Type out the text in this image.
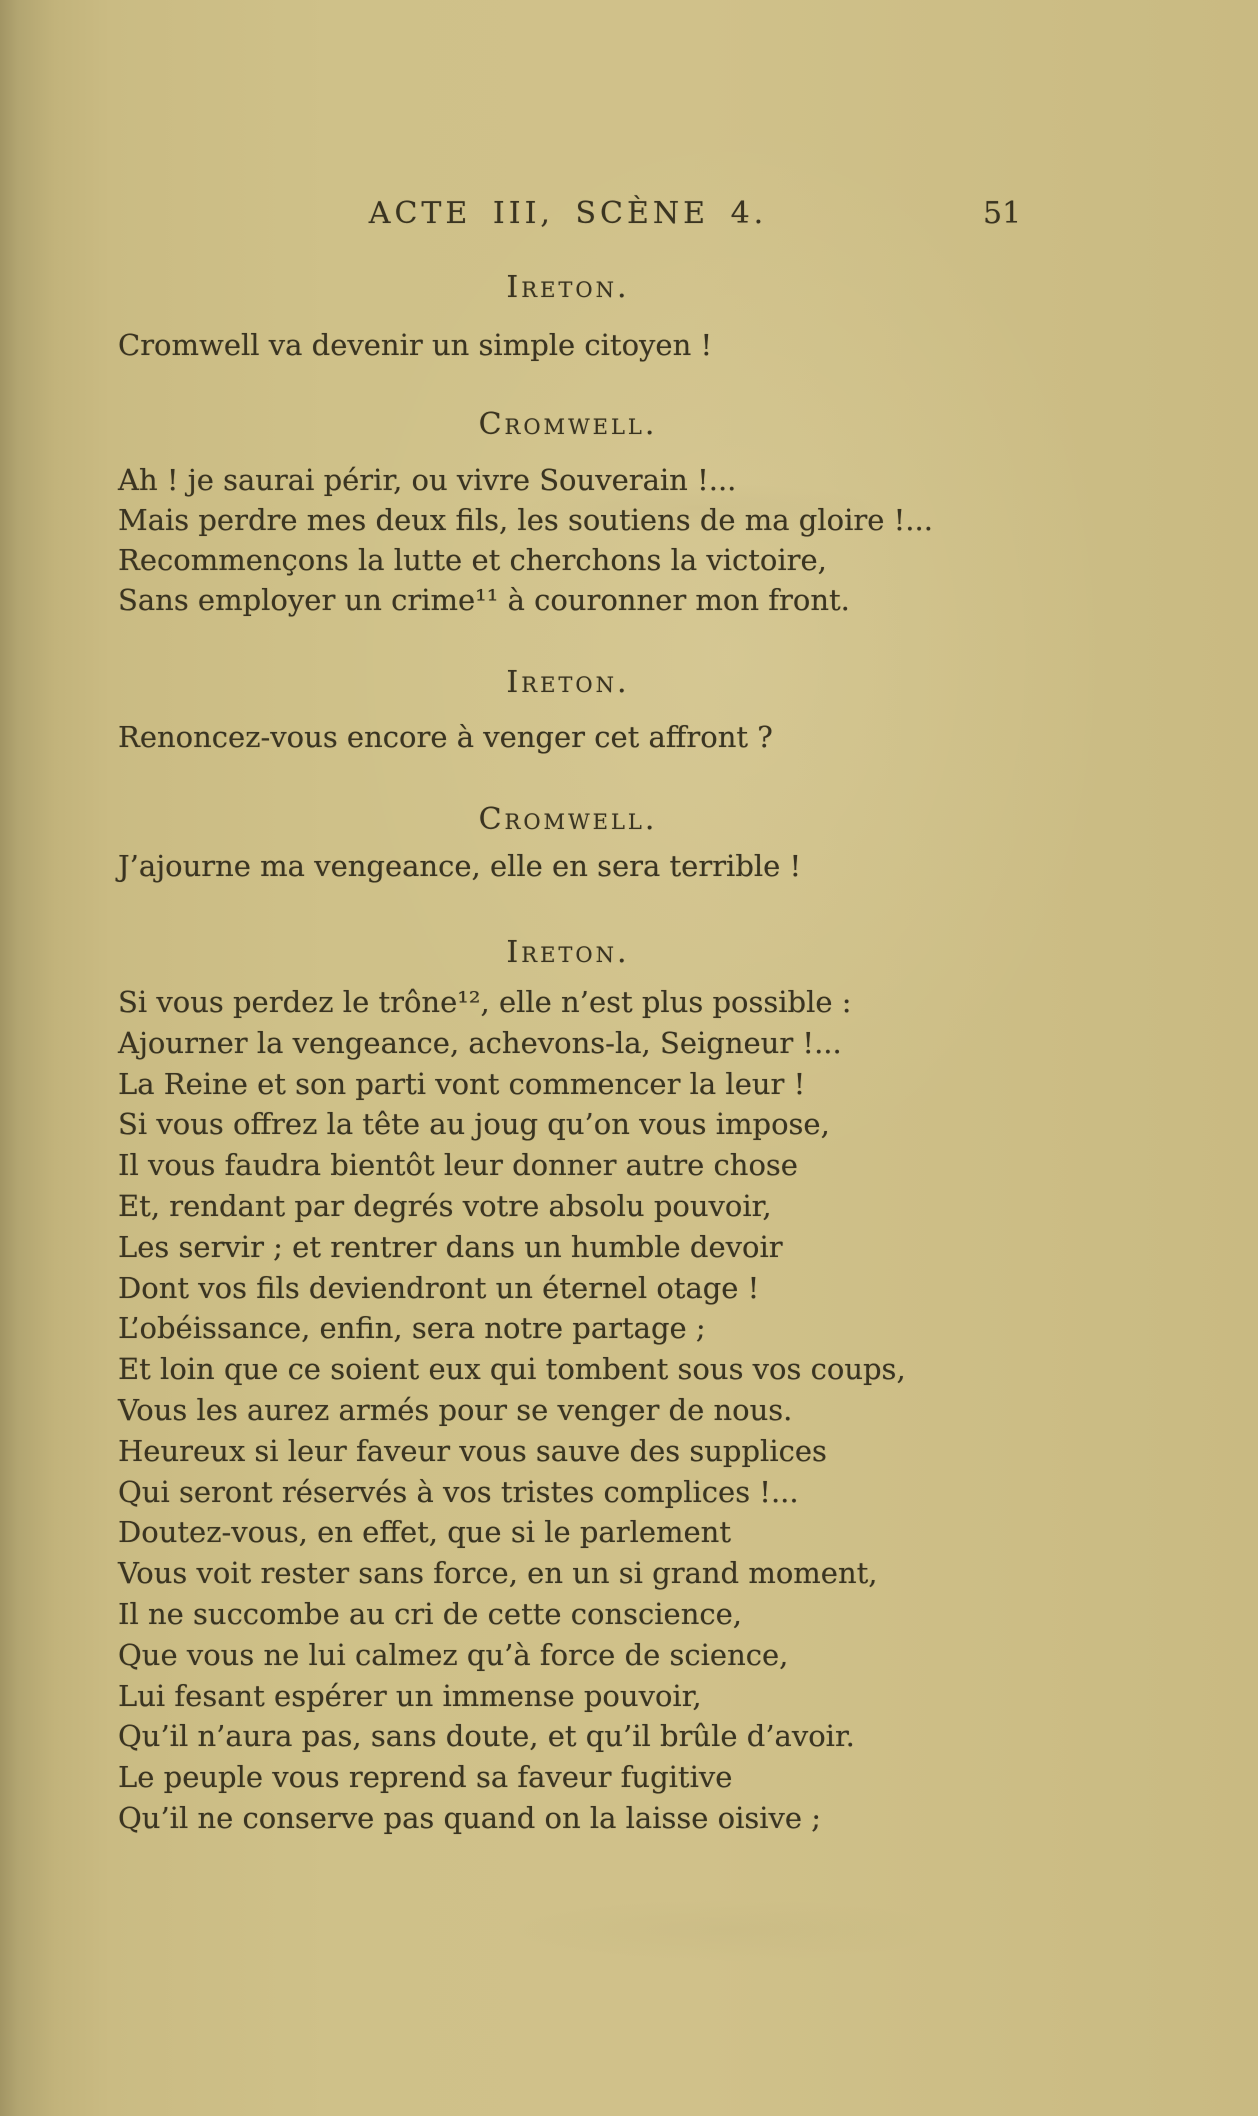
ACTE III, SCÈNE 4.	51
Ireton.
Cromwell va devenir un simple citoyen !
Cromwell.
Ah ! je saurai périr, ou vivre Souverain !...
Mais perdre mes deux fils, les soutiens de ma gloire !...
Recommençons la lutte et cherchons la victoire,
Sans employer un crime¹¹ à couronner mon front.
Ireton.
Renoncez-vous encore à venger cet affront ?
Cromwell.
J’ajourne ma vengeance, elle en sera terrible !
Ireton.
Si vous perdez le trône¹², elle n’est plus possible :
Ajourner la vengeance, achevons-la, Seigneur !...
La Reine et son parti vont commencer la leur !
Si vous offrez la tête au joug qu’on vous impose,
Il vous faudra bientôt leur donner autre chose
Et, rendant par degrés votre absolu pouvoir,
Les servir ; et rentrer dans un humble devoir
Dont vos fils deviendront un éternel otage !
L’obéissance, enfin, sera notre partage ;
Et loin que ce soient eux qui tombent sous vos coups,
Vous les aurez armés pour se venger de nous.
Heureux si leur faveur vous sauve des supplices
Qui seront réservés à vos tristes complices !...
Doutez-vous, en effet, que si le parlement
Vous voit rester sans force, en un si grand moment,
Il ne succombe au cri de cette conscience,
Que vous ne lui calmez qu’à force de science,
Lui fesant espérer un immense pouvoir,
Qu’il n’aura pas, sans doute, et qu’il brûle d’avoir.
Le peuple vous reprend sa faveur fugitive
Qu’il ne conserve pas quand on la laisse oisive ;
